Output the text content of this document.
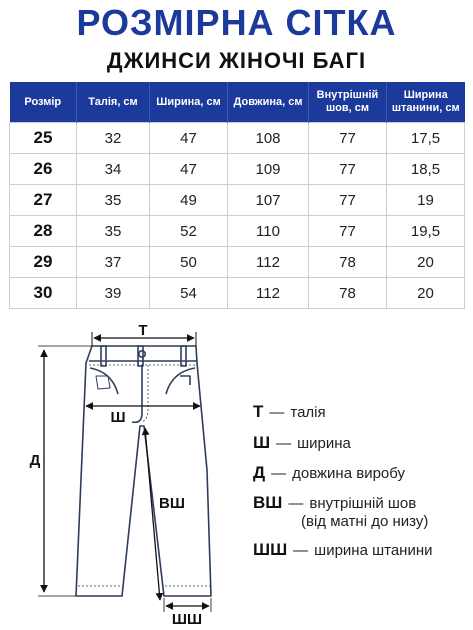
РОЗМІРНА СІТКА
ДЖИНСИ ЖІНОЧІ БАГІ
Розмір	Талія, см	Ширина, см	Довжина, см	Внутрішній шов, см	Ширина штанини, см
25	32	47	108	77	17,5
26	34	47	109	77	18,5
27	35	49	107	77	19
28	35	52	110	77	19,5
29	37	50	112	78	20
30	39	54	112	78	20
Т
Ш
Д
ВШ
ШШ
Т — талія
Ш — ширина
Д — довжина виробу
ВШ — внутрішній шов
(від матні до низу)
ШШ — ширина штанини
